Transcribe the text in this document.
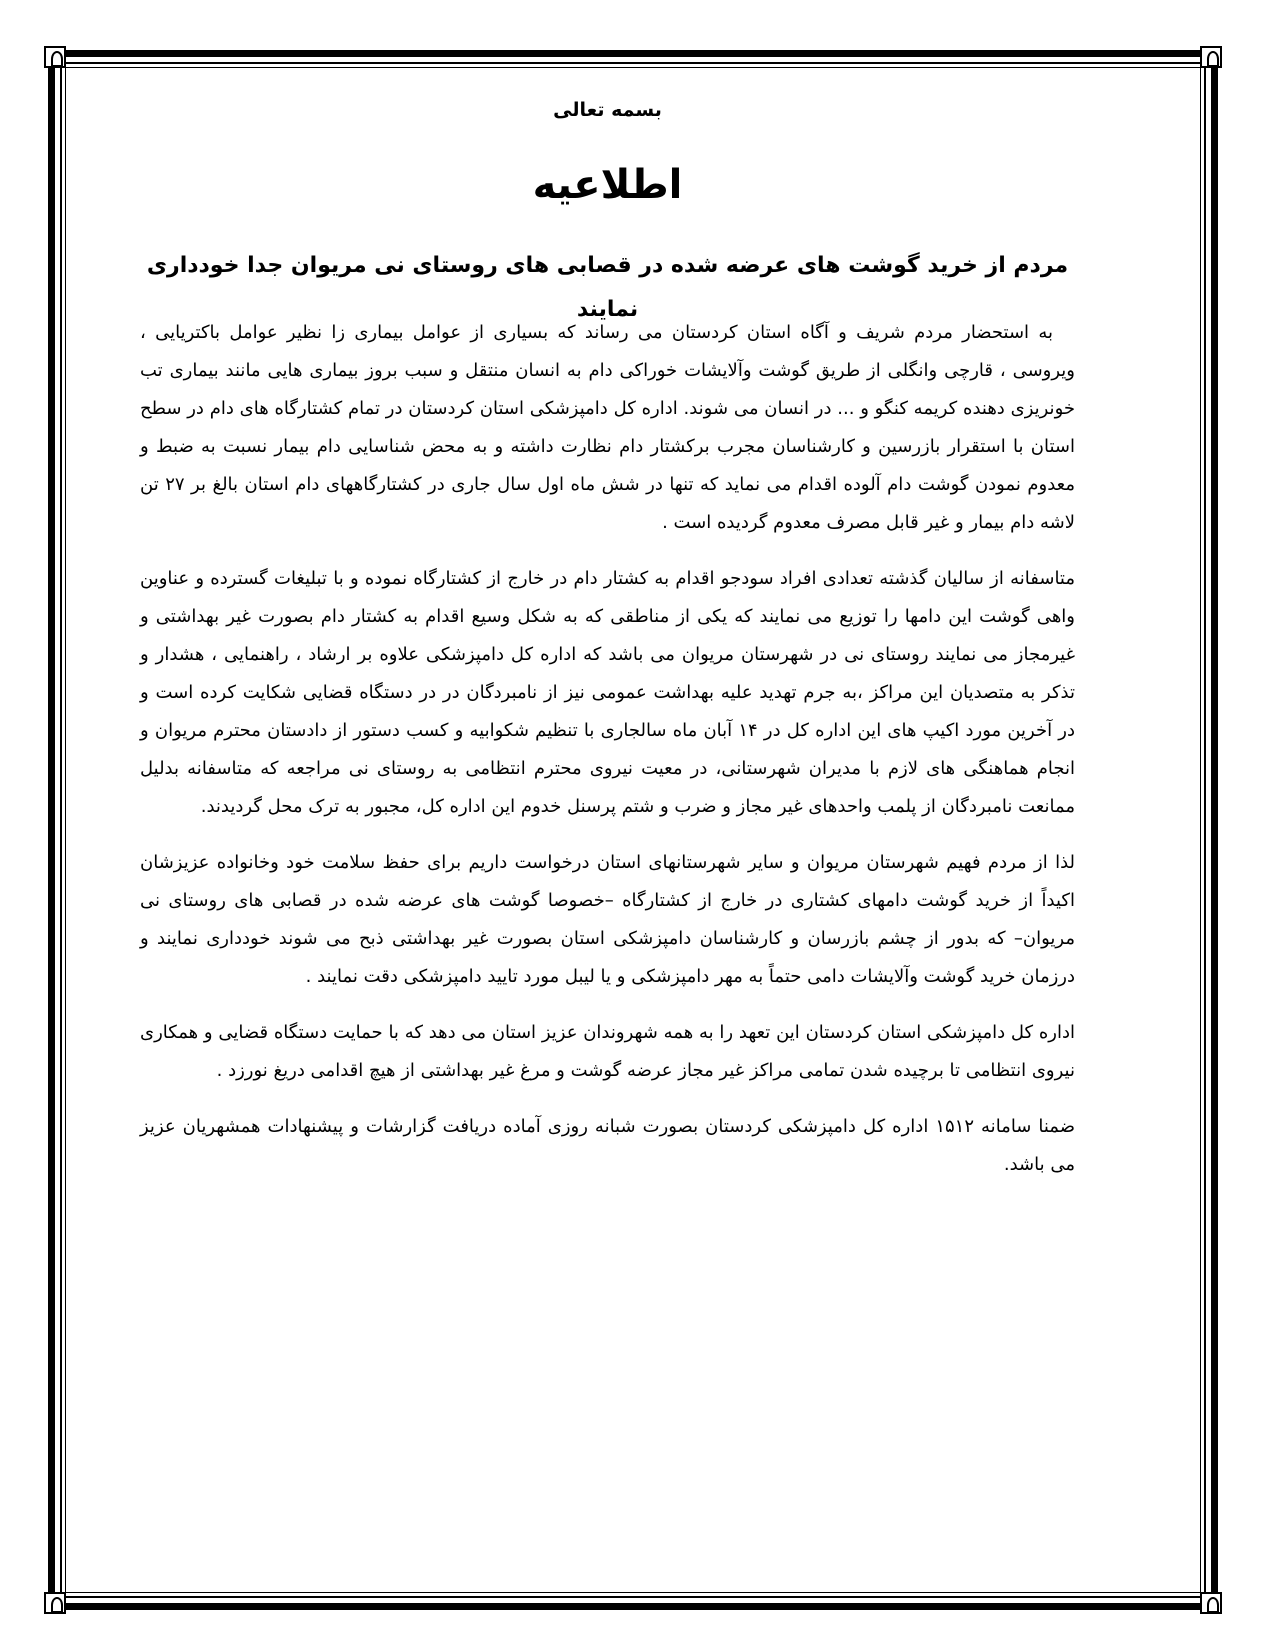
بسمه تعالی
اطلاعیه
مردم از خرید گوشت های عرضه شده در قصابی های روستای نی مریوان جدا خودداری نمایند

به استحضار مردم شریف و آگاه استان کردستان می رساند که بسیاری از عوامل بیماری زا نظیر عوامل باکتریایی ، ویروسی ، قارچی وانگلی از طریق گوشت وآلایشات خوراکی دام به انسان منتقل و سبب بروز بیماری هایی مانند بیماری تب خونریزی دهنده کریمه کنگو و ... در انسان می شوند. اداره کل دامپزشکی استان کردستان در تمام کشتارگاه های دام در سطح استان با استقرار بازرسین و کارشناسان مجرب برکشتار دام نظارت داشته و به محض شناسایی دام بیمار نسبت به ضبط و معدوم نمودن گوشت دام آلوده اقدام می نماید که تنها در شش ماه اول سال جاری در کشتارگاههای دام استان بالغ بر ۲۷ تن لاشه دام بیمار و غیر قابل مصرف معدوم گردیده است .

متاسفانه از سالیان گذشته تعدادی افراد سودجو اقدام به کشتار دام در خارج از کشتارگاه نموده و با تبلیغات گسترده و عناوین واهی گوشت این دامها را توزیع می نمایند که یکی از مناطقی که به شکل وسیع اقدام به کشتار دام بصورت غیر بهداشتی و غیرمجاز می نمایند روستای نی در شهرستان مریوان می باشد که اداره کل دامپزشکی علاوه بر ارشاد ، راهنمایی ، هشدار و تذکر به متصدیان این مراکز ،به جرم تهدید علیه بهداشت عمومی نیز از نامبردگان در در دستگاه قضایی شکایت کرده است و در آخرین مورد اکیپ های این اداره کل در ۱۴ آبان ماه سالجاری با تنظیم شکوابیه و کسب دستور از دادستان محترم مریوان و انجام هماهنگی های لازم با مدیران شهرستانی، در معیت نیروی محترم انتظامی به روستای نی مراجعه که متاسفانه بدلیل ممانعت نامبردگان از پلمب واحدهای غیر مجاز و ضرب و شتم پرسنل خدوم این اداره کل، مجبور به ترک محل گردیدند.

لذا از مردم فهیم شهرستان مریوان و سایر شهرستانهای استان درخواست داریم برای حفظ سلامت خود وخانواده عزیزشان اکیداً از خرید گوشت دامهای کشتاری در خارج از کشتارگاه –خصوصا گوشت های عرضه شده در قصابی های روستای نی مریوان– که بدور از چشم بازرسان و کارشناسان دامپزشکی استان بصورت غیر بهداشتی ذبح می شوند خودداری نمایند و درزمان خرید گوشت وآلایشات دامی حتماً به مهر دامپزشکی و یا لیبل مورد تایید دامپزشکی دقت نمایند .

اداره کل دامپزشکی استان کردستان این تعهد را به همه شهروندان عزیز استان می دهد که با حمایت دستگاه قضایی و همکاری نیروی انتظامی تا برچیده شدن تمامی مراکز غیر مجاز عرضه گوشت و مرغ غیر بهداشتی از هیچ اقدامی دریغ نورزد .

ضمنا سامانه ۱۵۱۲ اداره کل دامپزشکی کردستان بصورت شبانه روزی آماده دریافت گزارشات و پیشنهادات همشهریان عزیز می باشد.
